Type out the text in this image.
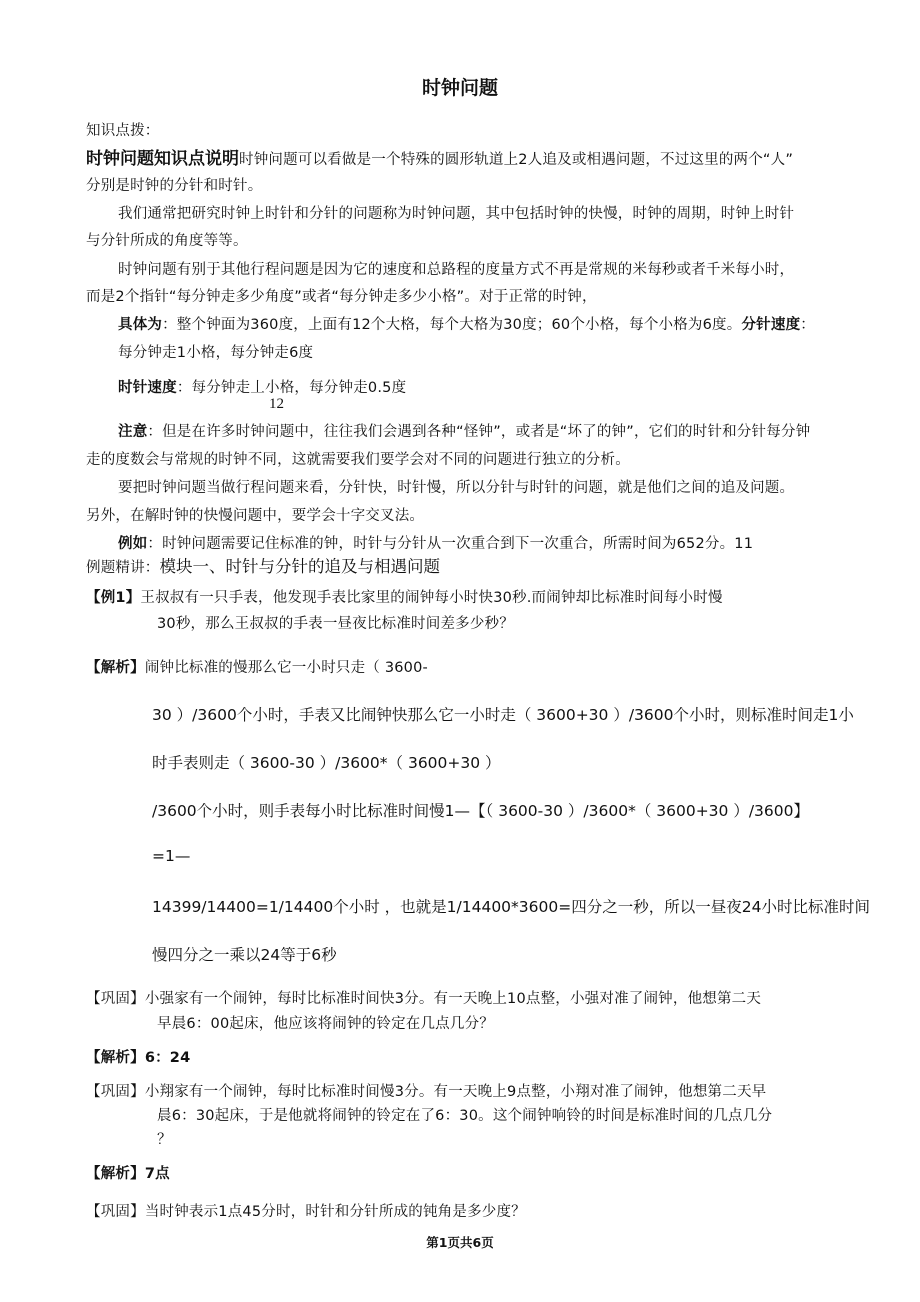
时钟问题
知识点拨：
时钟问题知识点说明时钟问题可以看做是一个特殊的圆形轨道上2人追及或相遇问题，不过这里的两个“人”
分别是时钟的分针和时针。
我们通常把研究时钟上时针和分针的问题称为时钟问题，其中包括时钟的快慢，时钟的周期，时钟上时针
与分针所成的角度等等。
时钟问题有别于其他行程问题是因为它的速度和总路程的度量方式不再是常规的米每秒或者千米每小时，
而是2个指针“每分钟走多少角度”或者“每分钟走多少小格”。对于正常的时钟，
具体为：整个钟面为360度，上面有12个大格，每个大格为30度；60个小格，每个小格为6度。分针速度：
每分钟走1小格，每分钟走6度
时针速度：每分钟走丄小格，每分钟走0.5度
12
注意：但是在许多时钟问题中，往往我们会遇到各种“怪钟”，或者是“坏了的钟”，它们的时针和分针每分钟
走的度数会与常规的时钟不同，这就需要我们要学会对不同的问题进行独立的分析。
要把时钟问题当做行程问题来看，分针快，时针慢，所以分针与时针的问题，就是他们之间的追及问题。
另外，在解时钟的快慢问题中，要学会十字交叉法。
例如：时钟问题需要记住标准的钟，时针与分针从一次重合到下一次重合，所需时间为652分。11
例题精讲：模块一、时针与分针的追及与相遇问题
【例1】王叔叔有一只手表，他发现手表比家里的闹钟每小时快30秒.而闹钟却比标准时间每小时慢
30秒，那么王叔叔的手表一昼夜比标准时间差多少秒？
【解析】闹钟比标准的慢那么它一小时只走（ 3600-
30 ）/3600个小时，手表又比闹钟快那么它一小时走（ 3600+30 ）/3600个小时，则标准时间走1小
时手表则走（ 3600-30 ）/3600*（ 3600+30 ）
/3600个小时，则手表每小时比标准时间慢1—【（ 3600-30 ）/3600*（ 3600+30 ）/3600】
=1—
14399/14400=1/14400个小时 ，也就是1/14400*3600=四分之一秒，所以一昼夜24小时比标准时间
慢四分之一乘以24等于6秒
【巩固】小强家有一个闹钟，每时比标准时间快3分。有一天晚上10点整，小强对准了闹钟，他想第二天
早晨6：00起床，他应该将闹钟的铃定在几点几分？
【解析】6：24
【巩固】小翔家有一个闹钟，每时比标准时间慢3分。有一天晚上9点整，小翔对准了闹钟，他想第二天早
晨6：30起床，于是他就将闹钟的铃定在了6：30。这个闹钟响铃的时间是标准时间的几点几分
？
【解析】7点
【巩固】当时钟表示1点45分时，时针和分针所成的钝角是多少度？
第1页共6页
